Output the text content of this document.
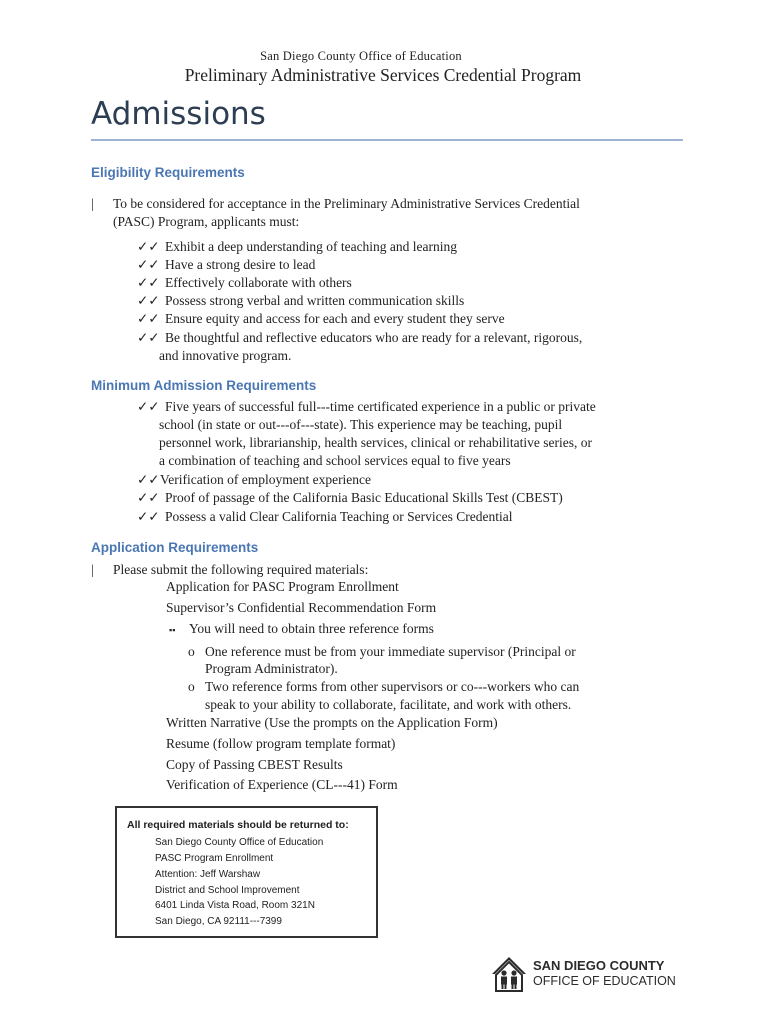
San Diego County Office of Education
Preliminary Administrative Services Credential Program
Admissions
Eligibility Requirements
| To be considered for acceptance in the Preliminary Administrative Services Credential
(PASC) Program, applicants must:
✓✓ Exhibit a deep understanding of teaching and learning
✓✓ Have a strong desire to lead
✓✓ Effectively collaborate with others
✓✓ Possess strong verbal and written communication skills
✓✓ Ensure equity and access for each and every student they serve
✓✓ Be thoughtful and reflective educators who are ready for a relevant, rigorous,
and innovative program.
Minimum Admission Requirements
✓✓ Five years of successful full---time certificated experience in a public or private
school (in state or out---of---state). This experience may be teaching, pupil
personnel work, librarianship, health services, clinical or rehabilitative series, or
a combination of teaching and school services equal to five years
✓✓Verification of employment experience
✓✓ Proof of passage of the California Basic Educational Skills Test (CBEST)
✓✓ Possess a valid Clear California Teaching or Services Credential
Application Requirements
| Please submit the following required materials:
Application for PASC Program Enrollment
Supervisor’s Confidential Recommendation Form
▪▪ You will need to obtain three reference forms
o One reference must be from your immediate supervisor (Principal or
Program Administrator).
o Two reference forms from other supervisors or co---workers who can
speak to your ability to collaborate, facilitate, and work with others.
Written Narrative (Use the prompts on the Application Form)
Resume (follow program template format)
Copy of Passing CBEST Results
Verification of Experience (CL---41) Form
All required materials should be returned to:
San Diego County Office of Education
PASC Program Enrollment
Attention: Jeff Warshaw
District and School Improvement
6401 Linda Vista Road, Room 321N
San Diego, CA 92111---7399
SAN DIEGO COUNTY
OFFICE OF EDUCATION
